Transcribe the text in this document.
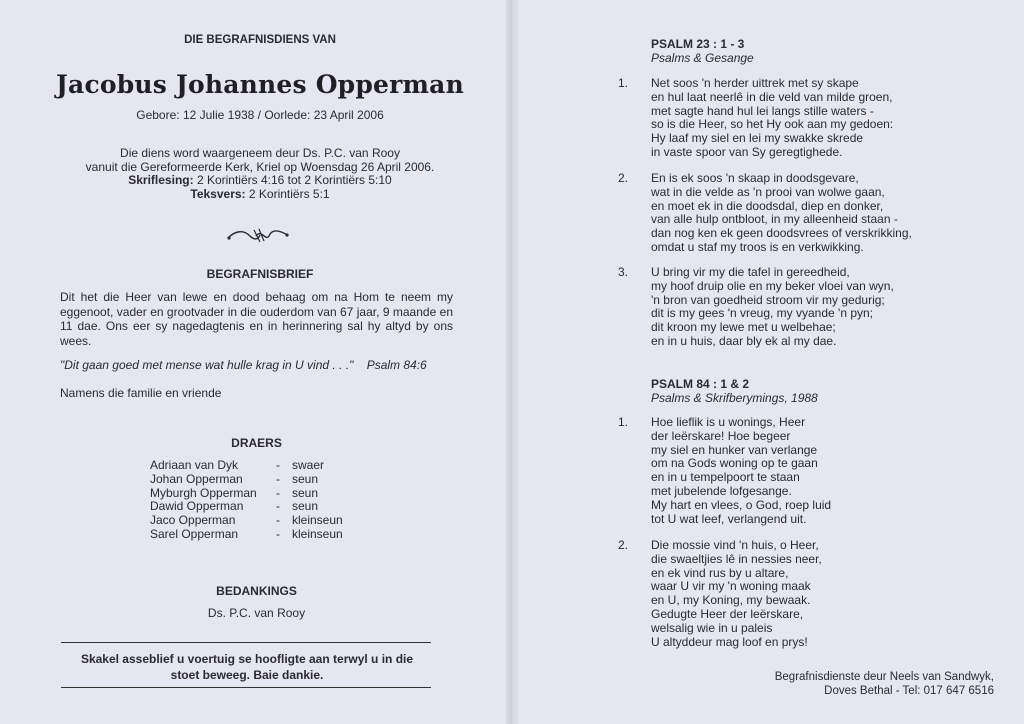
DIE BEGRAFNISDIENS VAN
Jacobus Johannes Opperman
Gebore: 12 Julie 1938 / Oorlede: 23 April 2006
Die diens word waargeneem deur Ds. P.C. van Rooy
vanuit die Gereformeerde Kerk, Kriel op Woensdag 26 April 2006.
Skriflesing: 2 Korintiërs 4:16 tot 2 Korintiërs 5:10
Teksvers: 2 Korintiërs 5:1
BEGRAFNISBRIEF
Dit het die Heer van lewe en dood behaag om na Hom te neem my eggenoot, vader en grootvader in die ouderdom van 67 jaar, 9 maande en 11 dae. Ons eer sy nagedagtenis en in herinnering sal hy altyd by ons wees.
"Dit gaan goed met mense wat hulle krag in U vind . . ." Psalm 84:6
Namens die familie en vriende
DRAERS
Adriaan van Dyk	-	swaer
Johan Opperman	-	seun
Myburgh Opperman	-	seun
Dawid Opperman	-	seun
Jaco Opperman	-	kleinseun
Sarel Opperman	-	kleinseun
BEDANKINGS
Ds. P.C. van Rooy
Skakel asseblief u voertuig se hoofligte aan terwyl u in die
stoet beweeg. Baie dankie.
PSALM 23 : 1 - 3
Psalms & Gesange
1.	Net soos 'n herder uittrek met sy skape
en hul laat neerlê in die veld van milde groen,
met sagte hand hul lei langs stille waters -
so is die Heer, so het Hy ook aan my gedoen:
Hy laaf my siel en lei my swakke skrede
in vaste spoor van Sy geregtighede.
2.	En is ek soos 'n skaap in doodsgevare,
wat in die velde as 'n prooi van wolwe gaan,
en moet ek in die doodsdal, diep en donker,
van alle hulp ontbloot, in my alleenheid staan -
dan nog ken ek geen doodsvrees of verskrikking,
omdat u staf my troos is en verkwikking.
3.	U bring vir my die tafel in gereedheid,
my hoof druip olie en my beker vloei van wyn,
'n bron van goedheid stroom vir my gedurig;
dit is my gees 'n vreug, my vyande 'n pyn;
dit kroon my lewe met u welbehae;
en in u huis, daar bly ek al my dae.
PSALM 84 : 1 & 2
Psalms & Skrifberymings, 1988
1.	Hoe lieflik is u wonings, Heer
der leërskare! Hoe begeer
my siel en hunker van verlange
om na Gods woning op te gaan
en in u tempelpoort te staan
met jubelende lofgesange.
My hart en vlees, o God, roep luid
tot U wat leef, verlangend uit.
2.	Die mossie vind 'n huis, o Heer,
die swaeltjies lê in nessies neer,
en ek vind rus by u altare,
waar U vir my 'n woning maak
en U, my Koning, my bewaak.
Gedugte Heer der leërskare,
welsalig wie in u paleis
U altyddeur mag loof en prys!
Begrafnisdienste deur Neels van Sandwyk,
Doves Bethal - Tel: 017 647 6516
